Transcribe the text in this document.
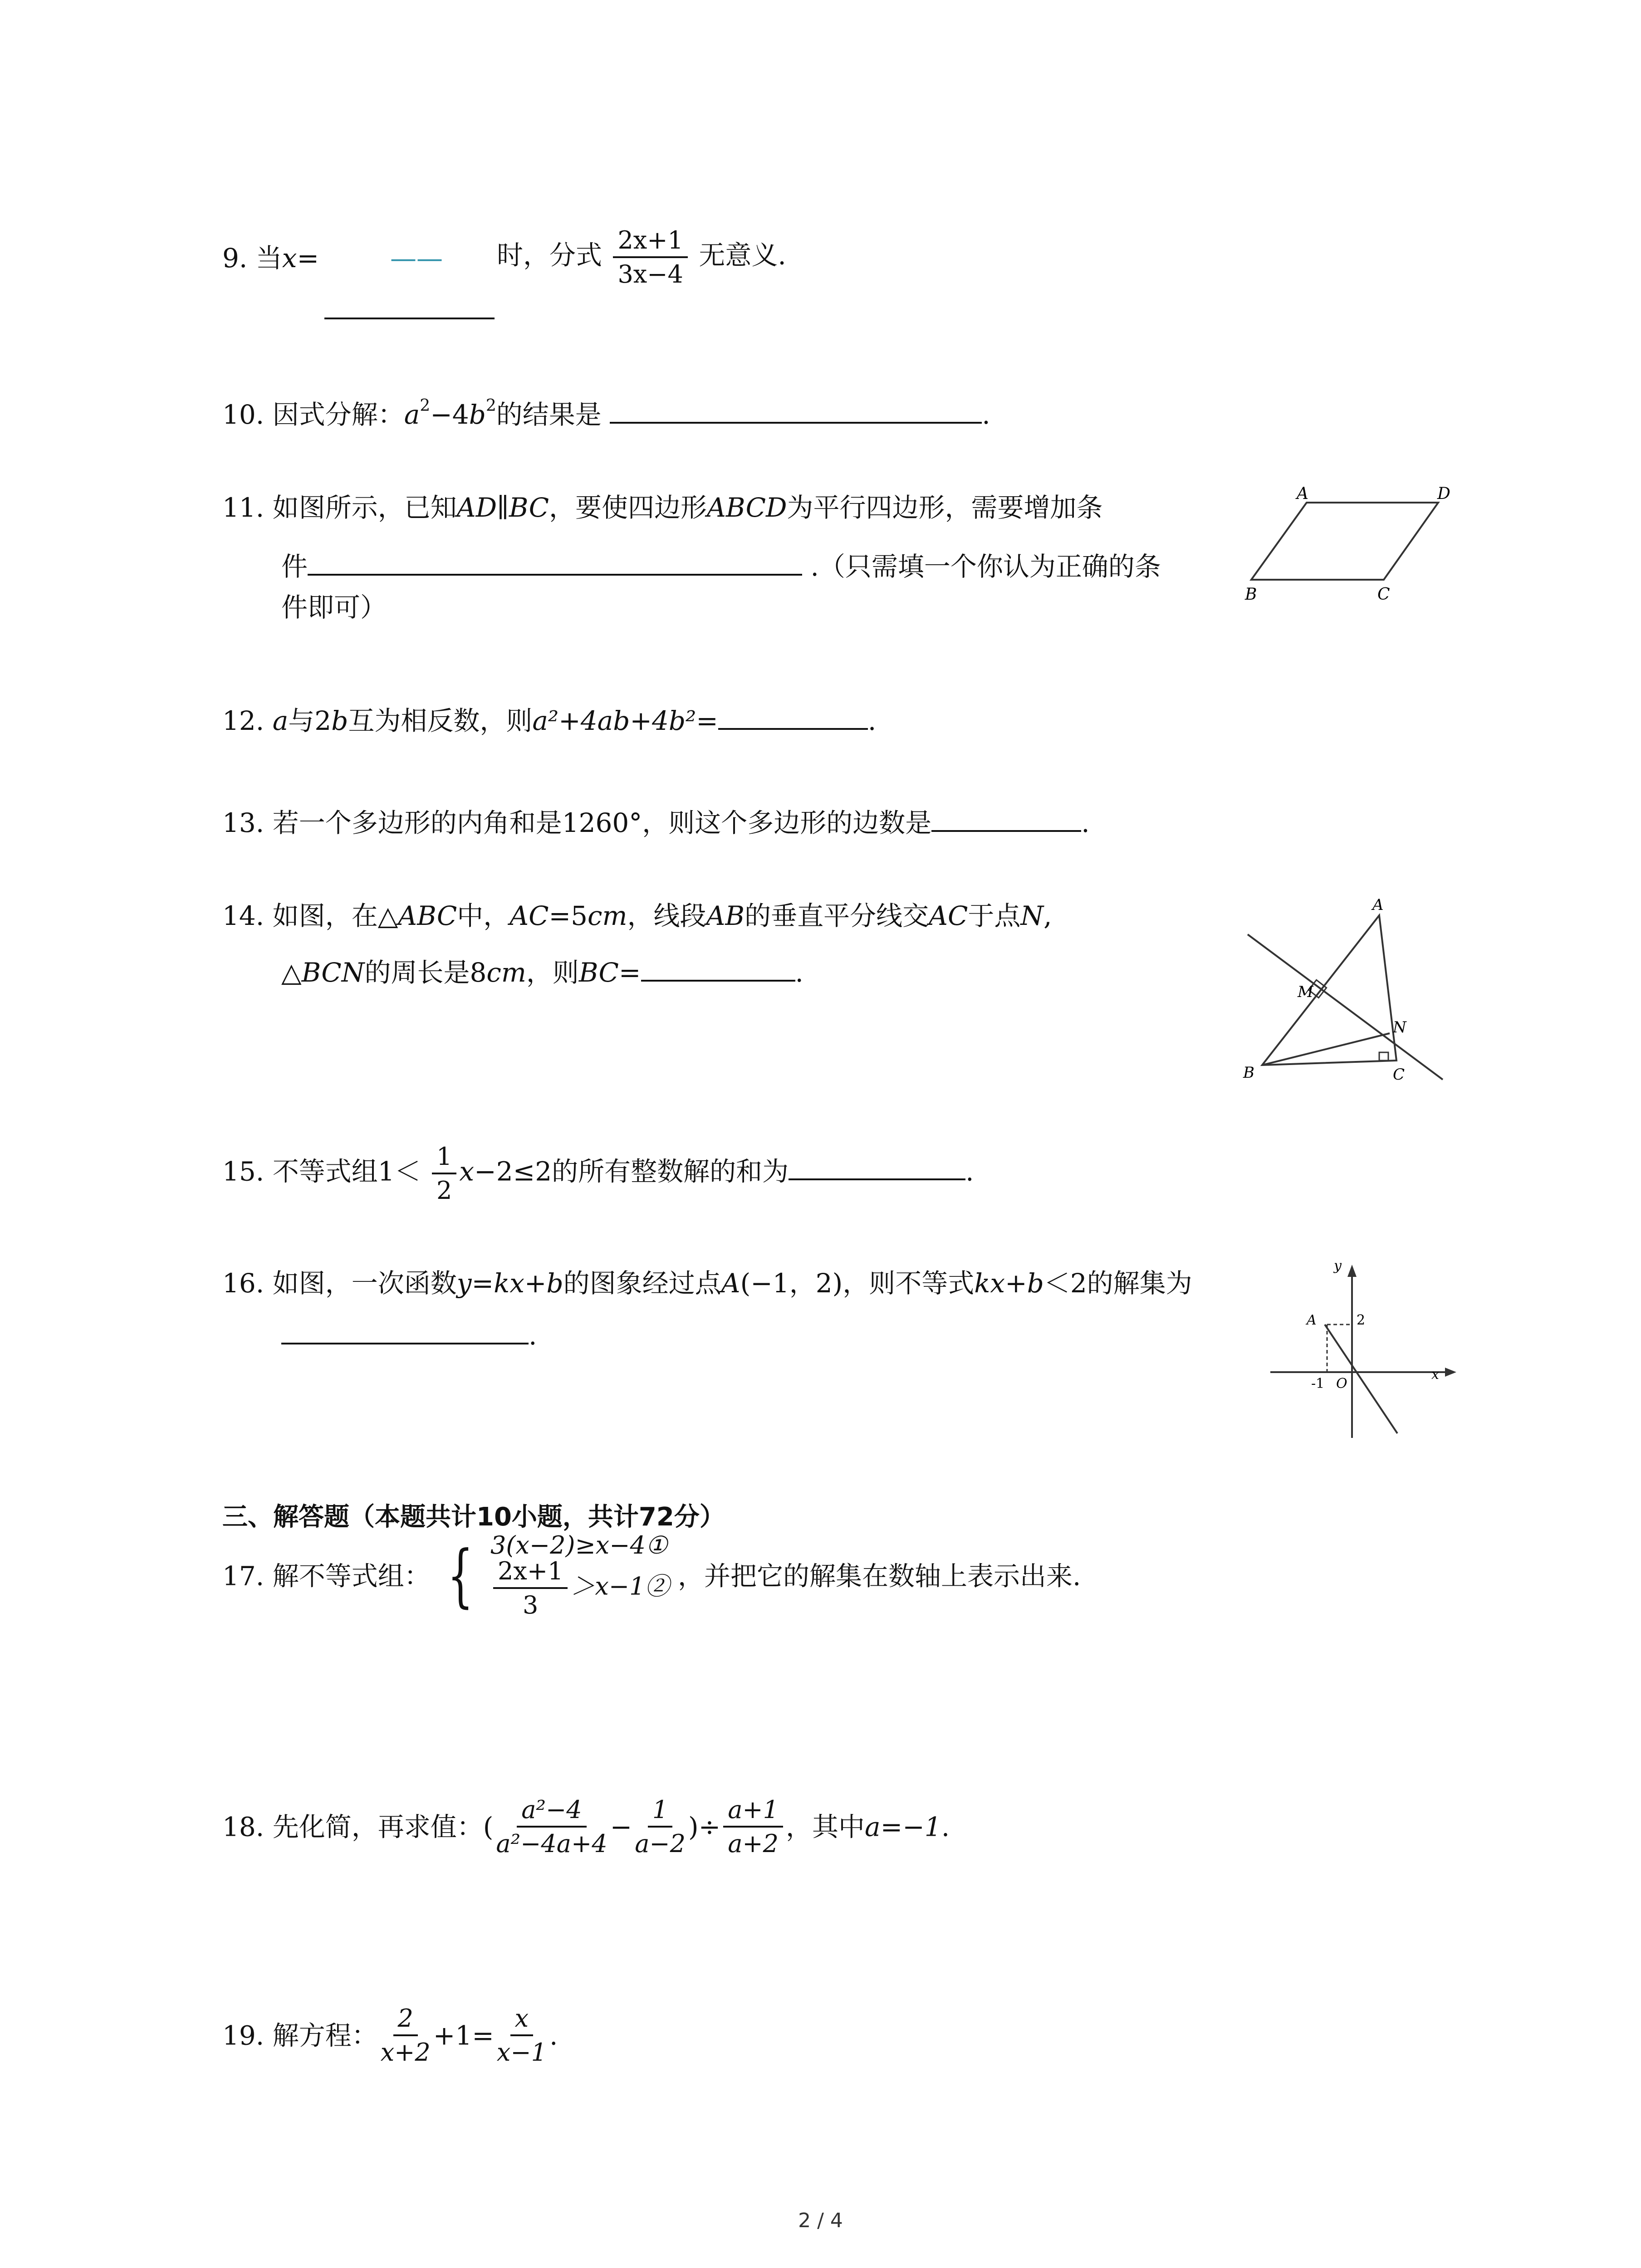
9. 当x=	—— 时，分式 $\frac{2x+1}{3x-4}$ 无意义.
10. 因式分解：$a^2-4b^2$的结果是	.
11. 如图所示，已知AD∥BC，要使四边形ABCD为平行四边形，需要增加条
件	.（只需填一个你认为正确的条
件即可）
A	D
B	C
12. a与2b互为相反数，则a²+4ab+4b²=	.
13. 若一个多边形的内角和是1260°，则这个多边形的边数是	.
14. 如图，在△ABC中，AC=5cm，线段AB的垂直平分线交AC于点N,
△BCN的周长是8cm，则BC=	.
A
M
N
B	C
15. 不等式组$1< \frac{1}{2} x-2\le 2$的所有整数解的和为	.
16. 如图，一次函数y=kx+b的图象经过点A(−1，2)，则不等式kx+b＜2的解集为
.
y
x
A	2
-1 O
三、解答题（本题共计10小题，共计72分）
17. 解不等式组： { 3(x−2)≥x−4①
$\frac{2x+1}{3}$ ＞x−1② ，并把它的解集在数轴上表示出来.
18. 先化简，再求值：( $\frac{\text{a²−4}}{\text{a²−4a+4}} - \frac{1}{a-2}$ )÷ $\frac{a+1}{a+2}$ ，其中a=−1.
19. 解方程： $\frac{2}{x+2} +1= \frac{x}{x-1}$ .
2 / 4
